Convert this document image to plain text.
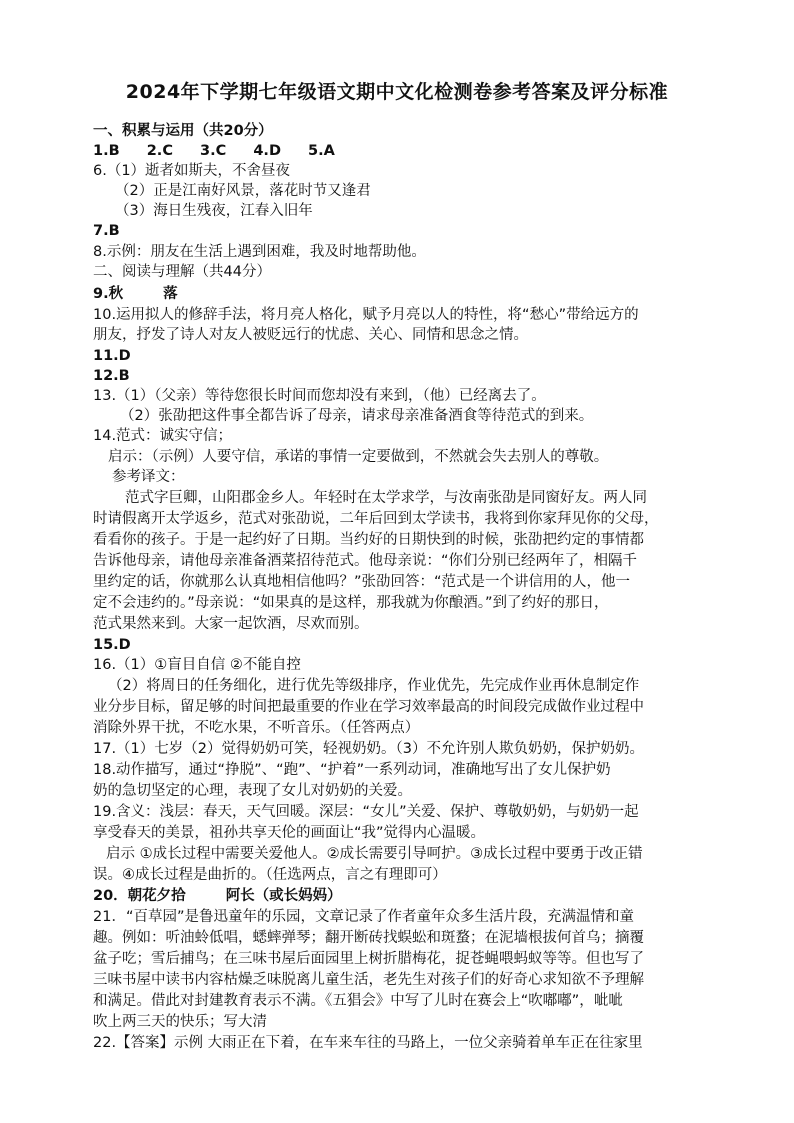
2024年下学期七年级语文期中文化检测卷参考答案及评分标准
一、积累与运用（共20分）
1.B 2.C 3.C 4.D 5.A
6.（1）逝者如斯夫，不舍昼夜
（2）正是江南好风景，落花时节又逢君
（3）海日生残夜，江春入旧年
7.B
8.示例：朋友在生活上遇到困难，我及时地帮助他。
二、阅读与理解（共44分）
9.秋	落
10.运用拟人的修辞手法，将月亮人格化，赋予月亮以人的特性，将“愁心”带给远方的
朋友，抒发了诗人对友人被贬远行的忧虑、关心、同情和思念之情。
11.D
12.B
13.（1）（父亲）等待您很长时间而您却没有来到，（他）已经离去了。
（2）张劭把这件事全都告诉了母亲，请求母亲准备酒食等待范式的到来。
14.范式：诚实守信；
启示：（示例）人要守信，承诺的事情一定要做到，不然就会失去别人的尊敬。
参考译文：
范式字巨卿，山阳郡金乡人。年轻时在太学求学，与汝南张劭是同窗好友。两人同
时请假离开太学返乡，范式对张劭说，二年后回到太学读书，我将到你家拜见你的父母，
看看你的孩子。于是一起约好了日期。当约好的日期快到的时候，张劭把约定的事情都
告诉他母亲，请他母亲准备酒菜招待范式。他母亲说：“你们分别已经两年了，相隔千
里约定的话，你就那么认真地相信他吗？”张劭回答：“范式是一个讲信用的人，他一
定不会违约的。”母亲说：“如果真的是这样，那我就为你酿酒。”到了约好的那日，
范式果然来到。大家一起饮酒，尽欢而别。
15.D
16.（1）①盲目自信 ②不能自控
（2）将周日的任务细化，进行优先等级排序，作业优先，先完成作业再休息制定作
业分步目标，留足够的时间把最重要的作业在学习效率最高的时间段完成做作业过程中
消除外界干扰，不吃水果，不听音乐。（任答两点）
17.（1）七岁（2）觉得奶奶可笑，轻视奶奶。（3）不允许别人欺负奶奶，保护奶奶。
18.动作描写，通过“挣脱”、“跑”、“护着”一系列动词，准确地写出了女儿保护奶
奶的急切坚定的心理，表现了女儿对奶奶的关爱。
19.含义：浅层：春天，天气回暖。深层：“女儿”关爱、保护、尊敬奶奶，与奶奶一起
享受春天的美景，祖孙共享天伦的画面让“我”觉得内心温暖。
启示 ①成长过程中需要关爱他人。②成长需要引导呵护。③成长过程中要勇于改正错
误。④成长过程是曲折的。（任选两点，言之有理即可）
20．朝花夕拾	阿长（或长妈妈）
21．“百草园”是鲁迅童年的乐园，文章记录了作者童年众多生活片段，充满温情和童
趣。例如：听油蛉低唱，蟋蟀弹琴；翻开断砖找蜈蚣和斑蝥；在泥墙根拔何首乌；摘覆
盆子吃；雪后捕鸟；在三味书屋后面园里上树折腊梅花，捉苍蝇喂蚂蚁等等。但也写了
三味书屋中读书内容枯燥乏味脱离儿童生活，老先生对孩子们的好奇心求知欲不予理解
和满足。借此对封建教育表示不满。《五猖会》中写了儿时在赛会上“吹嘟嘟”，呲呲
吹上两三天的快乐；写大清
22.【答案】示例 大雨正在下着，在车来车往的马路上，一位父亲骑着单车正在往家里
